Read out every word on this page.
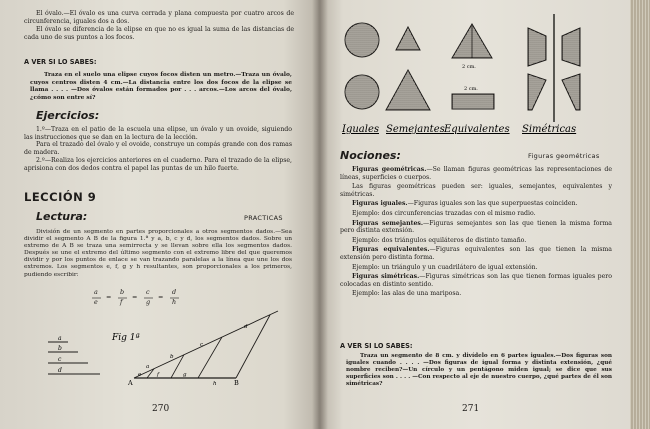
El óvalo.—El óvalo es una curva cerrada y plana compuesta por cuatro arcos de circunferencia, iguales dos a dos.
El óvalo se diferencia de la elipse en que no es igual la suma de las distancias de cada uno de sus puntos a los focos.
A VER SI LO SABES:
Traza en el suelo una elipse cuyos focos disten un metro.—Traza un óvalo, cuyos centros disten 4 cm.—La distancia entre los dos focos de la elipse se llama . . . . —Dos óvalos están formados por . . . arcos.—Los arcos del óvalo, ¿cómo son entre sí?
Ejercicios:
1.º—Traza en el patio de la escuela una elipse, un óvalo y un ovoide, siguiendo las instrucciones que se dan en la lectura de la lección.
Para el trazado del óvalo y el ovoide, construye un compás grande con dos ramas de madera.
2.º—Realiza los ejercicios anteriores en el cuaderno. Para el trazado de la elipse, aprisiona con dos dedos contra el papel las puntas de un hilo fuerte.
LECCIÓN 9
Lectura:	PRACTICAS
División de un segmento en partes proporcionales a otros segmentos dados.—Sea dividir el segmento A B de la figura 1.ª y a, b, c y d, los segmentos dados. Sobre un extremo de A B se traza una semirrecta y se llevan sobre ella los segmentos dados. Después se une el extremo del último segmento con el extremo libre del que queremos dividir y por los puntos de enlace se van trazando paralelas a la línea que une los dos extremos. Los segmentos e, f, g y h resultantes, son proporcionales a los primeros, pudiendo escribir:
a
e
=
b
f
=
c
g
=
d
h
a
b
c
d
Fig 1ª
A	B
e	f	g
h
a
b
c
d
270
2 cm.
2 cm.
Iguales Semejantes Equivalentes Simétricas
Nociones:	Figuras geométricas
Figuras geométricas.—Se llaman figuras geométricas las representaciones de líneas, superficies o cuerpos.
Las figuras geométricas pueden ser: iguales, semejantes, equivalentes y simétricas.
Figuras iguales.—Figuras iguales son las que superpuestas coinciden.
Ejemplo: dos circunferencias trazadas con el mismo radio.
Figuras semejantes.—Figuras semejantes son las que tienen la misma forma pero distinta extensión.
Ejemplo: dos triángulos equiláteros de distinto tamaño.
Figuras equivalentes.—Figuras equivalentes son las que tienen la misma extensión pero distinta forma.
Ejemplo: un triángulo y un cuadrilátero de igual extensión.
Figuras simétricas.—Figuras simétricas son las que tienen formas iguales pero colocadas en distinto sentido.
Ejemplo: las alas de una mariposa.
A VER SI LO SABES:
Traza un segmento de 8 cm. y divídelo en 6 partes iguales.—Dos figuras son iguales cuando . . . . —Dos figuras de igual forma y distinta extensión, ¿qué nombre reciben?—Un círculo y un pentágono miden igual; se dice que sus superficies son . . . . —Con respecto al eje de nuestro cuerpo, ¿qué partes de él son simétricas?
271
